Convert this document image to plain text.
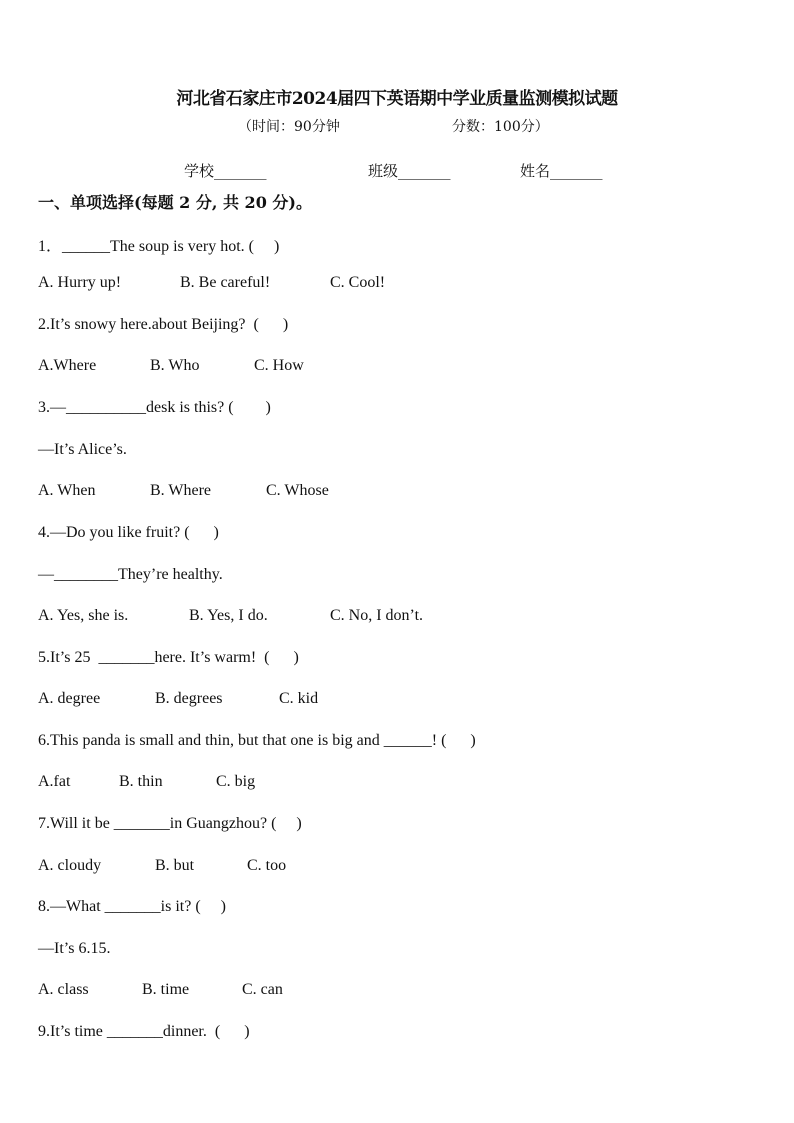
河北省石家庄市2024届四下英语期中学业质量监测模拟试题
（时间：90分钟	分数：100分）
学校_______	班级_______	姓名_______
一、单项选择(每题 2 分, 共 20 分)。
1．______The soup is very hot. (     )
A. Hurry up!	B. Be careful!	C. Cool!
2.It’s snowy here.about Beijing?  (      )
A.Where	B. Who	C. How
3.—__________desk is this? (        )
—It’s Alice’s.
A. When	B. Where	C. Whose
4.—Do you like fruit? (      )
—________They’re healthy.
A. Yes, she is.	B. Yes, I do.	C. No, I don’t.
5.It’s 25  _______here. It’s warm!  (      )
A. degree	B. degrees	C. kid
6.This panda is small and thin, but that one is big and ______! (      )
A.fat	B. thin	C. big
7.Will it be _______in Guangzhou? (     )
A. cloudy	B. but	C. too
8.—What _______is it? (     )
—It’s 6.15.
A. class	B. time	C. can
9.It’s time _______dinner.  (      )
